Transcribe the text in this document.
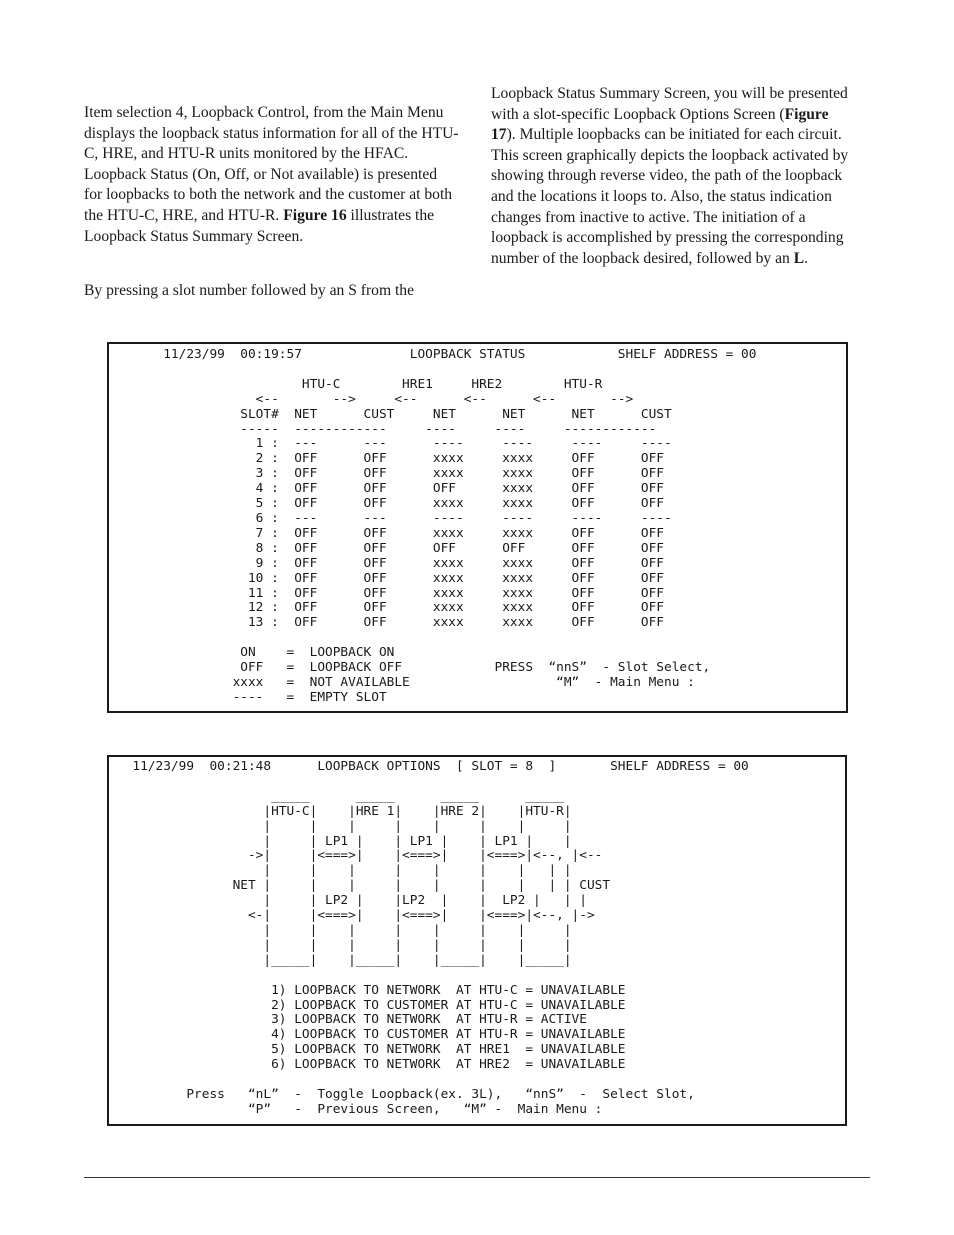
Item selection 4, Loopback Control, from the Main Menu displays the loopback status information for all of the HTU-C, HRE, and HTU-R units monitored by the HFAC. Loopback Status (On, Off, or Not available) is presented for loopbacks to both the network and the customer at both the HTU-C, HRE, and HTU-R. Figure 16 illustrates the Loopback Status Summary Screen.

By pressing a slot number followed by an S from the

Loopback Status Summary Screen, you will be presented with a slot-specific Loopback Options Screen (Figure 17). Multiple loopbacks can be initiated for each circuit. This screen graphically depicts the loopback activated by showing through reverse video, the path of the loopback and the locations it loops to. Also, the status indication changes from inactive to active. The initiation of a loopback is accomplished by pressing the corresponding number of the loopback desired, followed by an L.

11/23/99  00:19:57              LOOPBACK STATUS            SHELF ADDRESS = 00

HTU-C        HRE1     HRE2        HTU-R
<--       -->     <--      <--      <--       -->
SLOT#  NET      CUST     NET      NET      NET      CUST
-----  ------------     ----     ----     ------------
1 :  ---      ---      ----     ----     ----     ----
2 :  OFF      OFF      xxxx     xxxx     OFF      OFF
3 :  OFF      OFF      xxxx     xxxx     OFF      OFF
4 :  OFF      OFF      OFF      xxxx     OFF      OFF
5 :  OFF      OFF      xxxx     xxxx     OFF      OFF
6 :  ---      ---      ----     ----     ----     ----
7 :  OFF      OFF      xxxx     xxxx     OFF      OFF
8 :  OFF      OFF      OFF      OFF      OFF      OFF
9 :  OFF      OFF      xxxx     xxxx     OFF      OFF
10 :  OFF      OFF      xxxx     xxxx     OFF      OFF
11 :  OFF      OFF      xxxx     xxxx     OFF      OFF
12 :  OFF      OFF      xxxx     xxxx     OFF      OFF
13 :  OFF      OFF      xxxx     xxxx     OFF      OFF

ON    =  LOOPBACK ON
OFF   =  LOOPBACK OFF            PRESS  “nnS”  - Slot Select,
xxxx   =  NOT AVAILABLE                   “M”  - Main Menu :
----   =  EMPTY SLOT
11/23/99  00:21:48      LOOPBACK OPTIONS  [ SLOT = 8  ]       SHELF ADDRESS = 00

_____      _____      _____      _____
|HTU-C|    |HRE 1|    |HRE 2|    |HTU-R|
|     |    |     |    |     |    |     |
|     | LP1 |    | LP1 |    | LP1 |    |
->|     |<===>|    |<===>|    |<===>|<--, |<--
|     |    |     |    |     |    |   | |
NET |     |    |     |    |     |    |   | | CUST
|     | LP2 |    |LP2  |    |  LP2 |   | |
<-|     |<===>|    |<===>|    |<===>|<--, |->
|     |    |     |    |     |    |     |
|     |    |     |    |     |    |     |
|_____|    |_____|    |_____|    |_____|

1) LOOPBACK TO NETWORK  AT HTU-C = UNAVAILABLE
2) LOOPBACK TO CUSTOMER AT HTU-C = UNAVAILABLE
3) LOOPBACK TO NETWORK  AT HTU-R = ACTIVE
4) LOOPBACK TO CUSTOMER AT HTU-R = UNAVAILABLE
5) LOOPBACK TO NETWORK  AT HRE1  = UNAVAILABLE
6) LOOPBACK TO NETWORK  AT HRE2  = UNAVAILABLE

Press   “nL”  -  Toggle Loopback(ex. 3L),   “nnS”  -  Select Slot,
“P”   -  Previous Screen,   “M” -  Main Menu :
